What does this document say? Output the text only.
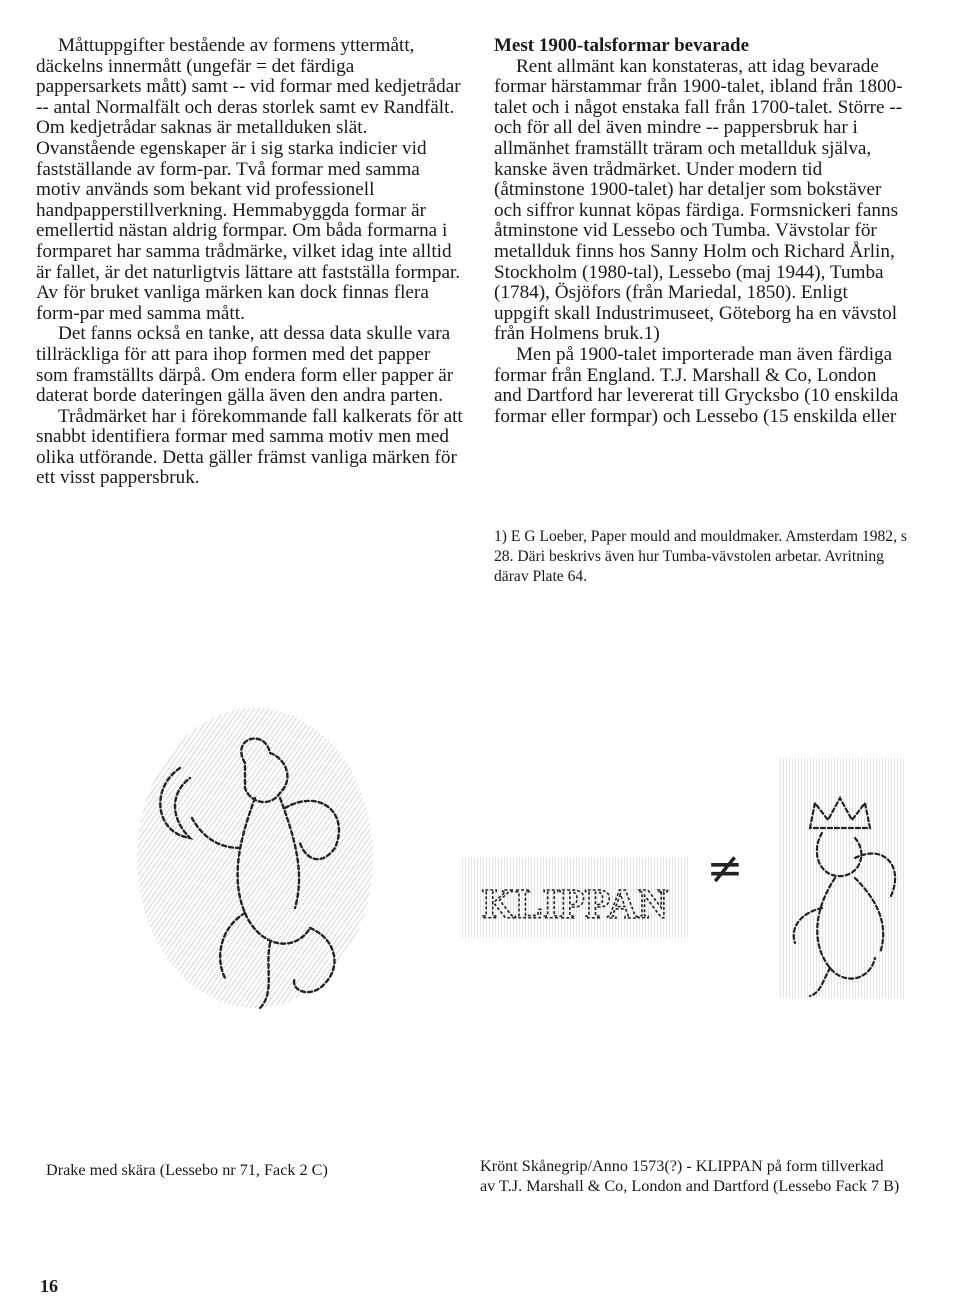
Måttuppgifter bestående av formens yttermått, däckelns innermått (ungefär = det färdiga pappersarkets mått) samt -- vid formar med kedjetrådar -- antal Normalfält och deras storlek samt ev Randfält. Om kedjetrådar saknas är metallduken slät. Ovanstående egenskaper är i sig starka indicier vid fastställande av form-par. Två formar med samma motiv används som bekant vid professionell handpapperstillverkning. Hemmabyggda formar är emellertid nästan aldrig formpar. Om båda formarna i formparet har samma trådmärke, vilket idag inte alltid är fallet, är det naturligtvis lättare att fastställa formpar. Av för bruket vanliga märken kan dock finnas flera form-par med samma mått.

Det fanns också en tanke, att dessa data skulle vara tillräckliga för att para ihop formen med det papper som framställts därpå. Om endera form eller papper är daterat borde dateringen gälla även den andra parten.

Trådmärket har i förekommande fall kalkerats för att snabbt identifiera formar med samma motiv men med olika utförande. Detta gäller främst vanliga märken för ett visst pappersbruk.

Mest 1900-talsformar bevarade

Rent allmänt kan konstateras, att idag bevarade formar härstammar från 1900-talet, ibland från 1800-talet och i något enstaka fall från 1700-talet. Större -- och för all del även mindre -- pappersbruk har i allmänhet framställt träram och metallduk själva, kanske även trådmärket. Under modern tid (åtminstone 1900-talet) har detaljer som bokstäver och siffror kunnat köpas färdiga. Formsnickeri fanns åtminstone vid Lessebo och Tumba. Vävstolar för metallduk finns hos Sanny Holm och Richard Årlin, Stockholm (1980-tal), Lessebo (maj 1944), Tumba (1784), Ösjöfors (från Mariedal, 1850). Enligt uppgift skall Industrimuseet, Göteborg ha en vävstol från Holmens bruk.1)

Men på 1900-talet importerade man även färdiga formar från England. T.J. Marshall & Co, London and Dartford har levererat till Grycksbo (10 enskilda formar eller formpar) och Lessebo (15 enskilda eller

1) E G Loeber, Paper mould and mouldmaker. Amsterdam 1982, s 28. Däri beskrivs även hur Tumba-vävstolen arbetar. Avritning därav Plate 64.
KLIPPAN
≠
Drake med skära (Lessebo nr 71, Fack 2 C)	Krönt Skånegrip/Anno 1573(?) - KLIPPAN på form tillverkad av T.J. Marshall & Co, London and Dartford (Lessebo Fack 7 B)
16
